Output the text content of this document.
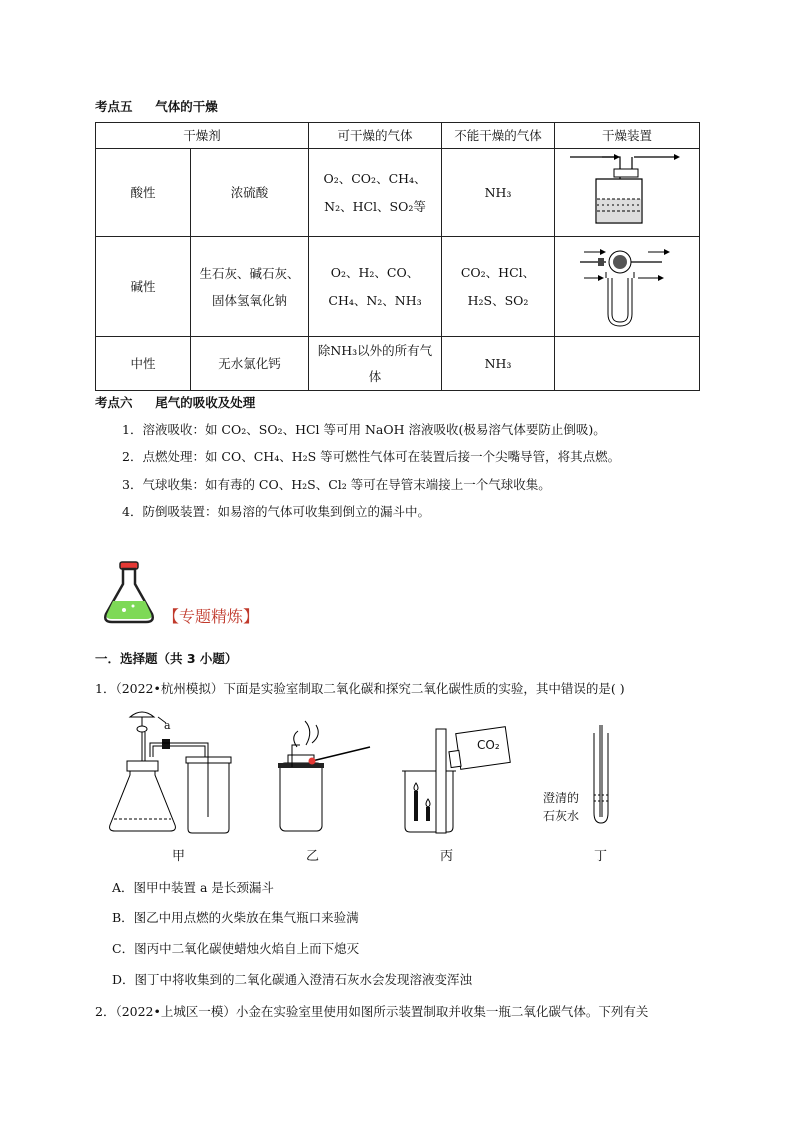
考点五 气体的干燥
干燥剂		可干燥的气体	不能干燥的气体	干燥装置
酸性	浓硫酸	O₂、CO₂、CH₄、N₂、HCl、SO₂等	NH₃	
碱性	生石灰、碱石灰、固体氢氧化钠	O₂、H₂、CO、CH₄、N₂、NH₃	CO₂、HCl、H₂S、SO₂	
中性	无水氯化钙	除NH₃以外的所有气体	NH₃	
考点六 尾气的吸收及处理
1．溶液吸收：如 CO₂、SO₂、HCl 等可用 NaOH 溶液吸收(极易溶气体要防止倒吸)。
2．点燃处理：如 CO、CH₄、H₂S 等可燃性气体可在装置后接一个尖嘴导管，将其点燃。
3．气球收集：如有毒的 CO、H₂S、Cl₂ 等可在导管末端接上一个气球收集。
4．防倒吸装置：如易溶的气体可收集到倒立的漏斗中。
【专题精炼】
一．选择题（共 3 小题）
1．（2022•杭州模拟）下面是实验室制取二氧化碳和探究二氧化碳性质的实验，其中错误的是( )
a
CO₂
澄清的
石灰水
甲	乙	丙	丁
A．图甲中装置 a 是长颈漏斗
B．图乙中用点燃的火柴放在集气瓶口来验满
C．图丙中二氧化碳使蜡烛火焰自上而下熄灭
D．图丁中将收集到的二氧化碳通入澄清石灰水会发现溶液变浑浊
2．（2022•上城区一模）小金在实验室里使用如图所示装置制取并收集一瓶二氧化碳气体。下列有关
